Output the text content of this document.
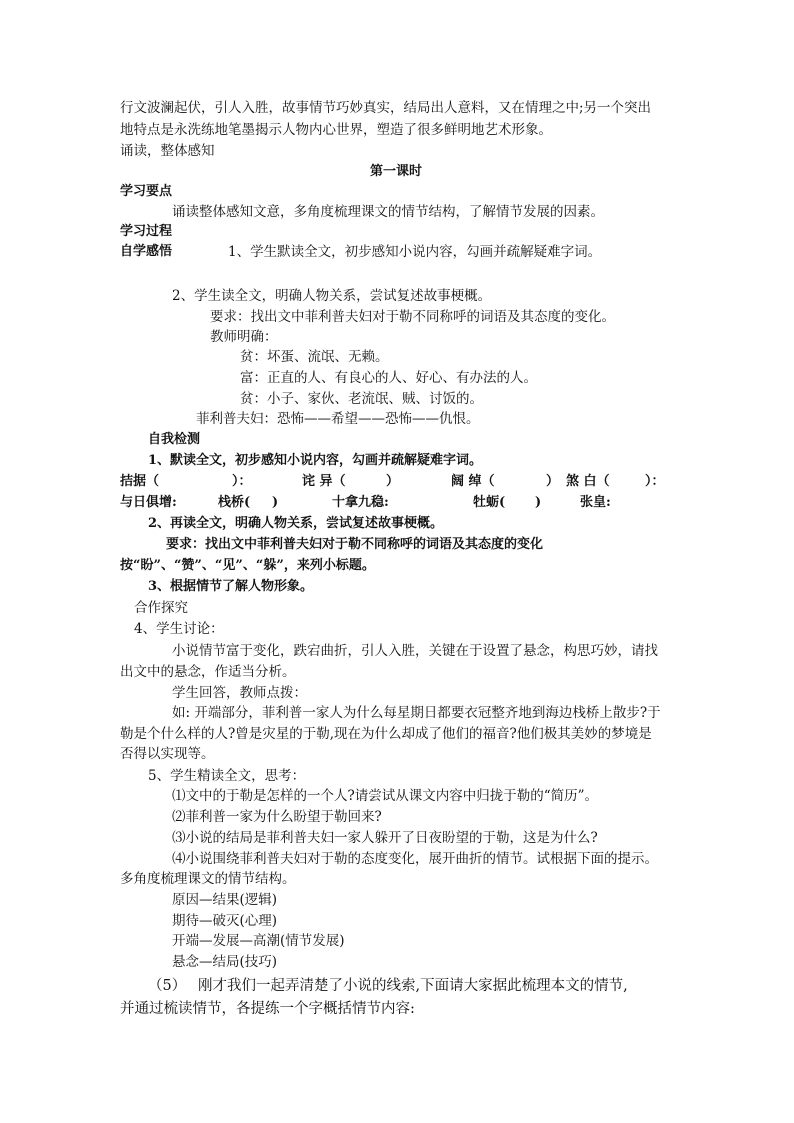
行文波澜起伏，引人入胜，故事情节巧妙真实，结局出人意料，又在情理之中;另一个突出
地特点是永洗练地笔墨揭示人物内心世界，塑造了很多鲜明地艺术形象。
诵读，整体感知
第一课时
学习要点
诵读整体感知文意，多角度梳理课文的情节结构，了解情节发展的因素。
学习过程
自学感悟	1、学生默读全文，初步感知小说内容，勾画并疏解疑难字词。
2、学生读全文，明确人物关系，尝试复述故事梗概。
要求：找出文中菲利普夫妇对于勒不同称呼的词语及其态度的变化。
教师明确：
贫：坏蛋、流氓、无赖。
富：正直的人、有良心的人、好心、有办法的人。
贫：小子、家伙、老流氓、贼、讨饭的。
菲利普夫妇：恐怖——希望——恐怖——仇恨。
自我检测
1、默读全文，初步感知小说内容，勾画并疏解疑难字词。
拮据（	）：	诧 异（	）	阔 绰（	） 煞 白（	）：
与日俱增:	栈桥( )	十拿九稳:	牡蛎( )	张皇:
2、再读全文，明确人物关系，尝试复述故事梗概。
要求：找出文中菲利普夫妇对于勒不同称呼的词语及其态度的变化
按“盼”、“赞”、“见”、“躲”，来列小标题。
3、根据情节了解人物形象。
合作探究
4、学生讨论：
小说情节富于变化，跌宕曲折，引人入胜，关键在于设置了悬念，构思巧妙，请找
出文中的悬念，作适当分析。
学生回答，教师点拨：
如: 开端部分，菲利普一家人为什么每星期日都要衣冠整齐地到海边栈桥上散步?于
勒是个什么样的人?曾是灾星的于勒,现在为什么却成了他们的福音?他们极其美妙的梦境是
否得以实现等。
5、学生精读全文，思考：
⑴文中的于勒是怎样的一个人?请尝试从课文内容中归拢于勒的“简历”。
⑵菲利普一家为什么盼望于勒回来?
⑶小说的结局是菲利普夫妇一家人躲开了日夜盼望的于勒，这是为什么?
⑷小说围绕菲利普夫妇对于勒的态度变化，展开曲折的情节。试根据下面的提示。
多角度梳理课文的情节结构。
原因—结果(逻辑)
期待—破灭(心理)
开端—发展—高潮(情节发展)
悬念—结局(技巧)
（5） 刚才我们一起弄清楚了小说的线索,下面请大家据此梳理本文的情节,
并通过梳读情节，各提练一个字概括情节内容:
